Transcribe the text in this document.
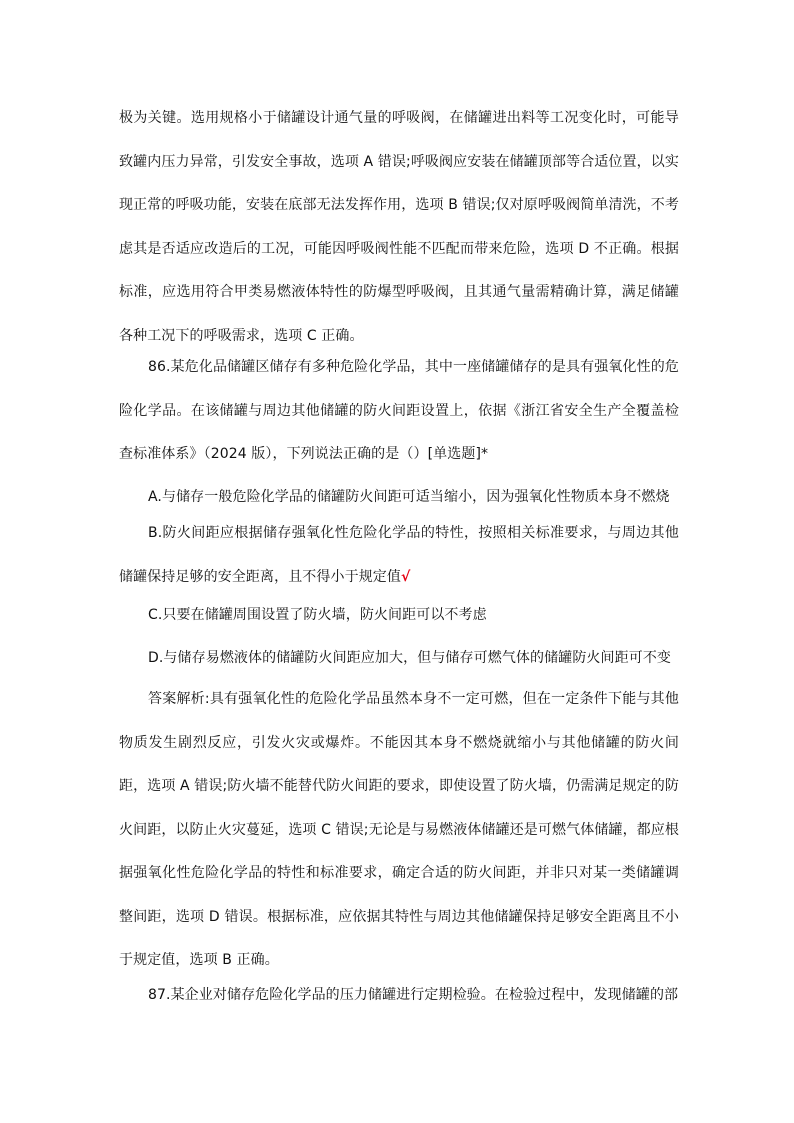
极为关键。选用规格小于储罐设计通气量的呼吸阀，在储罐进出料等工况变化时，可能导致罐内压力异常，引发安全事故，选项 A 错误;呼吸阀应安装在储罐顶部等合适位置，以实现正常的呼吸功能，安装在底部无法发挥作用，选项 B 错误;仅对原呼吸阀简单清洗，不考虑其是否适应改造后的工况，可能因呼吸阀性能不匹配而带来危险，选项 D 不正确。根据标准，应选用符合甲类易燃液体特性的防爆型呼吸阀，且其通气量需精确计算，满足储罐各种工况下的呼吸需求，选项 C 正确。

86.某危化品储罐区储存有多种危险化学品，其中一座储罐储存的是具有强氧化性的危险化学品。在该储罐与周边其他储罐的防火间距设置上，依据《浙江省安全生产全覆盖检查标准体系》（2024 版），下列说法正确的是（）[单选题]*

A.与储存一般危险化学品的储罐防火间距可适当缩小，因为强氧化性物质本身不燃烧

B.防火间距应根据储存强氧化性危险化学品的特性，按照相关标准要求，与周边其他储罐保持足够的安全距离，且不得小于规定值√

C.只要在储罐周围设置了防火墙，防火间距可以不考虑

D.与储存易燃液体的储罐防火间距应加大，但与储存可燃气体的储罐防火间距可不变

答案解析:具有强氧化性的危险化学品虽然本身不一定可燃，但在一定条件下能与其他物质发生剧烈反应，引发火灾或爆炸。不能因其本身不燃烧就缩小与其他储罐的防火间距，选项 A 错误;防火墙不能替代防火间距的要求，即使设置了防火墙，仍需满足规定的防火间距，以防止火灾蔓延，选项 C 错误;无论是与易燃液体储罐还是可燃气体储罐，都应根据强氧化性危险化学品的特性和标准要求，确定合适的防火间距，并非只对某一类储罐调整间距，选项 D 错误。根据标准，应依据其特性与周边其他储罐保持足够安全距离且不小于规定值，选项 B 正确。

87.某企业对储存危险化学品的压力储罐进行定期检验。在检验过程中，发现储罐的部
